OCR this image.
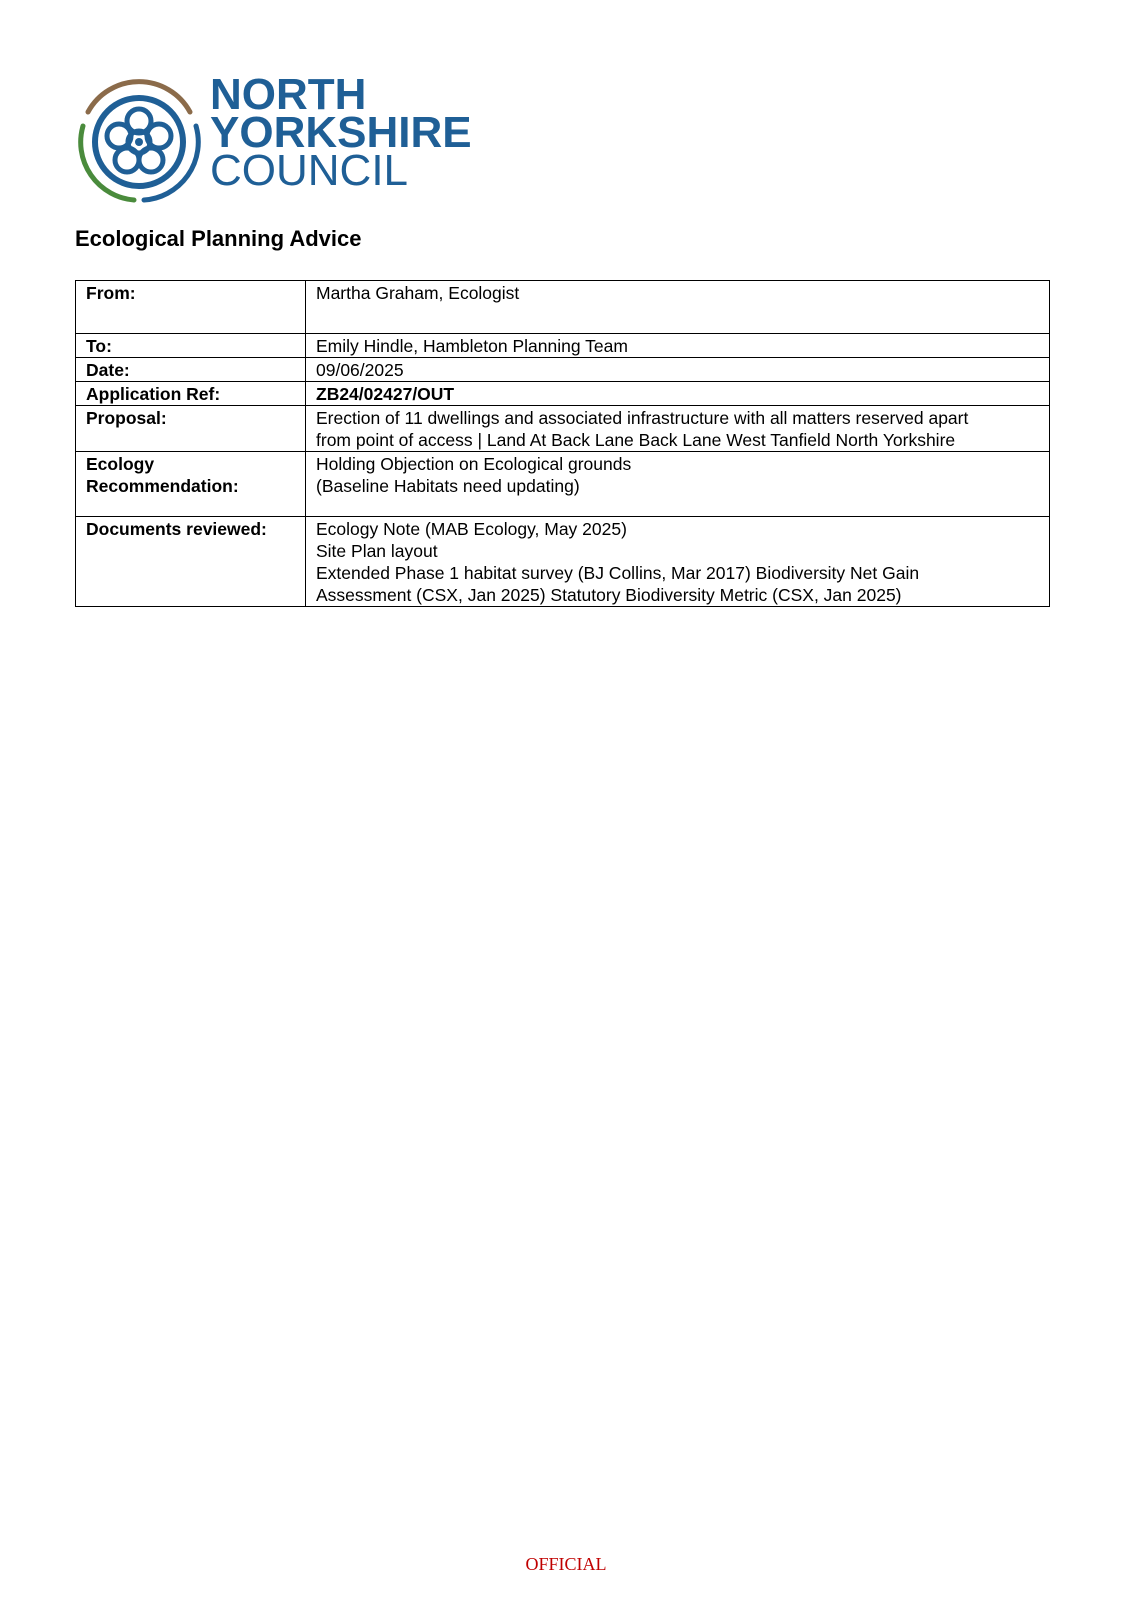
NORTH
YORKSHIRE
COUNCIL
Ecological Planning Advice
From:	Martha Graham, Ecologist
To:	Emily Hindle, Hambleton Planning Team
Date:	09/06/2025
Application Ref:	ZB24/02427/OUT
Proposal:	Erection of 11 dwellings and associated infrastructure with all matters reserved apart
from point of access | Land At Back Lane Back Lane West Tanfield North Yorkshire

Ecology
Recommendation:	Holding Objection on Ecological grounds
(Baseline Habitats need updating)

Documents reviewed:	Ecology Note (MAB Ecology, May 2025)
Site Plan layout
Extended Phase 1 habitat survey (BJ Collins, Mar 2017) Biodiversity Net Gain
Assessment (CSX, Jan 2025) Statutory Biodiversity Metric (CSX, Jan 2025)
OFFICIAL
